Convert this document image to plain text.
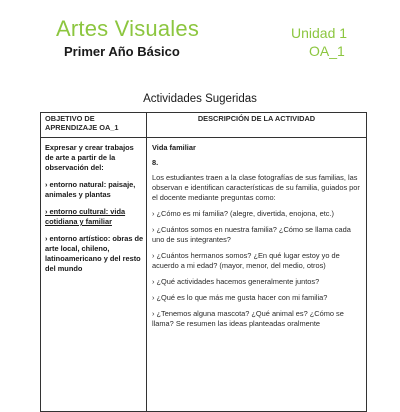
Artes Visuales	Unidad 1
Primer Año Básico	OA_1
Actividades Sugeridas
OBJETIVO DE APRENDIZAJE OA_1
DESCRIPCIÓN DE LA ACTIVIDAD
Expresar y crear trabajos de arte a partir de la observación del:
› entorno natural: paisaje, animales y plantas
› entorno cultural: vida cotidiana y familiar
› entorno artístico: obras de arte local, chileno, latinoamericano y del resto del mundo
Vida familiar
8.

Los estudiantes traen a la clase fotografías de sus familias, las observan e identifican características de su familia, guiados por el docente mediante preguntas como:

› ¿Cómo es mi familia? (alegre, divertida, enojona, etc.)

› ¿Cuántos somos en nuestra familia? ¿Cómo se llama cada uno de sus integrantes?

› ¿Cuántos hermanos somos? ¿En qué lugar estoy yo de acuerdo a mi edad? (mayor, menor, del medio, otros)

› ¿Qué actividades hacemos generalmente juntos?

› ¿Qué es lo que más me gusta hacer con mi familia?

› ¿Tenemos alguna mascota? ¿Qué animal es? ¿Cómo se llama? Se resumen las ideas planteadas oralmente
